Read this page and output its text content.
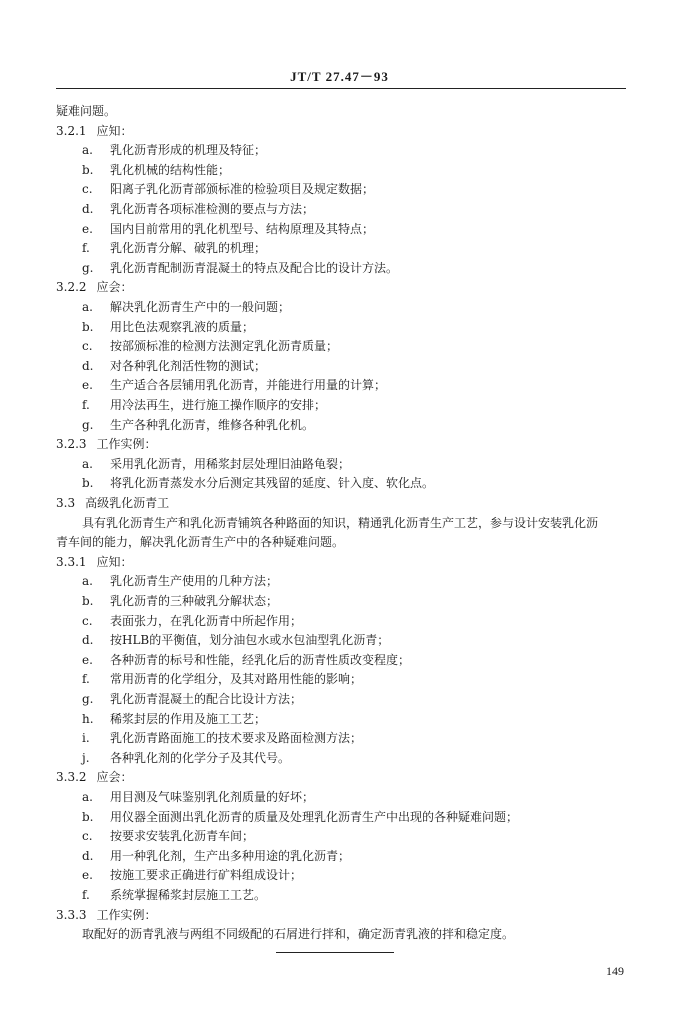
JT/T 27.47－93
疑难问题。
3.2.1 应知：
a. 乳化沥青形成的机理及特征；
b. 乳化机械的结构性能；
c. 阳离子乳化沥青部颁标准的检验项目及规定数据；
d. 乳化沥青各项标准检测的要点与方法；
e. 国内目前常用的乳化机型号、结构原理及其特点；
f. 乳化沥青分解、破乳的机理；
g. 乳化沥青配制沥青混凝土的特点及配合比的设计方法。
3.2.2 应会：
a. 解决乳化沥青生产中的一般问题；
b. 用比色法观察乳液的质量；
c. 按部颁标准的检测方法测定乳化沥青质量；
d. 对各种乳化剂活性物的测试；
e. 生产适合各层铺用乳化沥青，并能进行用量的计算；
f. 用冷法再生，进行施工操作顺序的安排；
g. 生产各种乳化沥青，维修各种乳化机。
3.2.3 工作实例：
a. 采用乳化沥青，用稀浆封层处理旧油路龟裂；
b. 将乳化沥青蒸发水分后测定其残留的延度、针入度、软化点。
3.3 高级乳化沥青工
具有乳化沥青生产和乳化沥青铺筑各种路面的知识，精通乳化沥青生产工艺，参与设计安装乳化沥
青车间的能力，解决乳化沥青生产中的各种疑难问题。
3.3.1 应知：
a. 乳化沥青生产使用的几种方法；
b. 乳化沥青的三种破乳分解状态；
c. 表面张力，在乳化沥青中所起作用；
d. 按HLB的平衡值，划分油包水或水包油型乳化沥青；
e. 各种沥青的标号和性能，经乳化后的沥青性质改变程度；
f. 常用沥青的化学组分，及其对路用性能的影响；
g. 乳化沥青混凝土的配合比设计方法；
h. 稀浆封层的作用及施工工艺；
i. 乳化沥青路面施工的技术要求及路面检测方法；
j. 各种乳化剂的化学分子及其代号。
3.3.2 应会：
a. 用目测及气味鉴别乳化剂质量的好坏；
b. 用仪器全面测出乳化沥青的质量及处理乳化沥青生产中出现的各种疑难问题；
c. 按要求安装乳化沥青车间；
d. 用一种乳化剂，生产出多种用途的乳化沥青；
e. 按施工要求正确进行矿料组成设计；
f. 系统掌握稀浆封层施工工艺。
3.3.3 工作实例：
取配好的沥青乳液与两组不同级配的石屑进行拌和，确定沥青乳液的拌和稳定度。
149
